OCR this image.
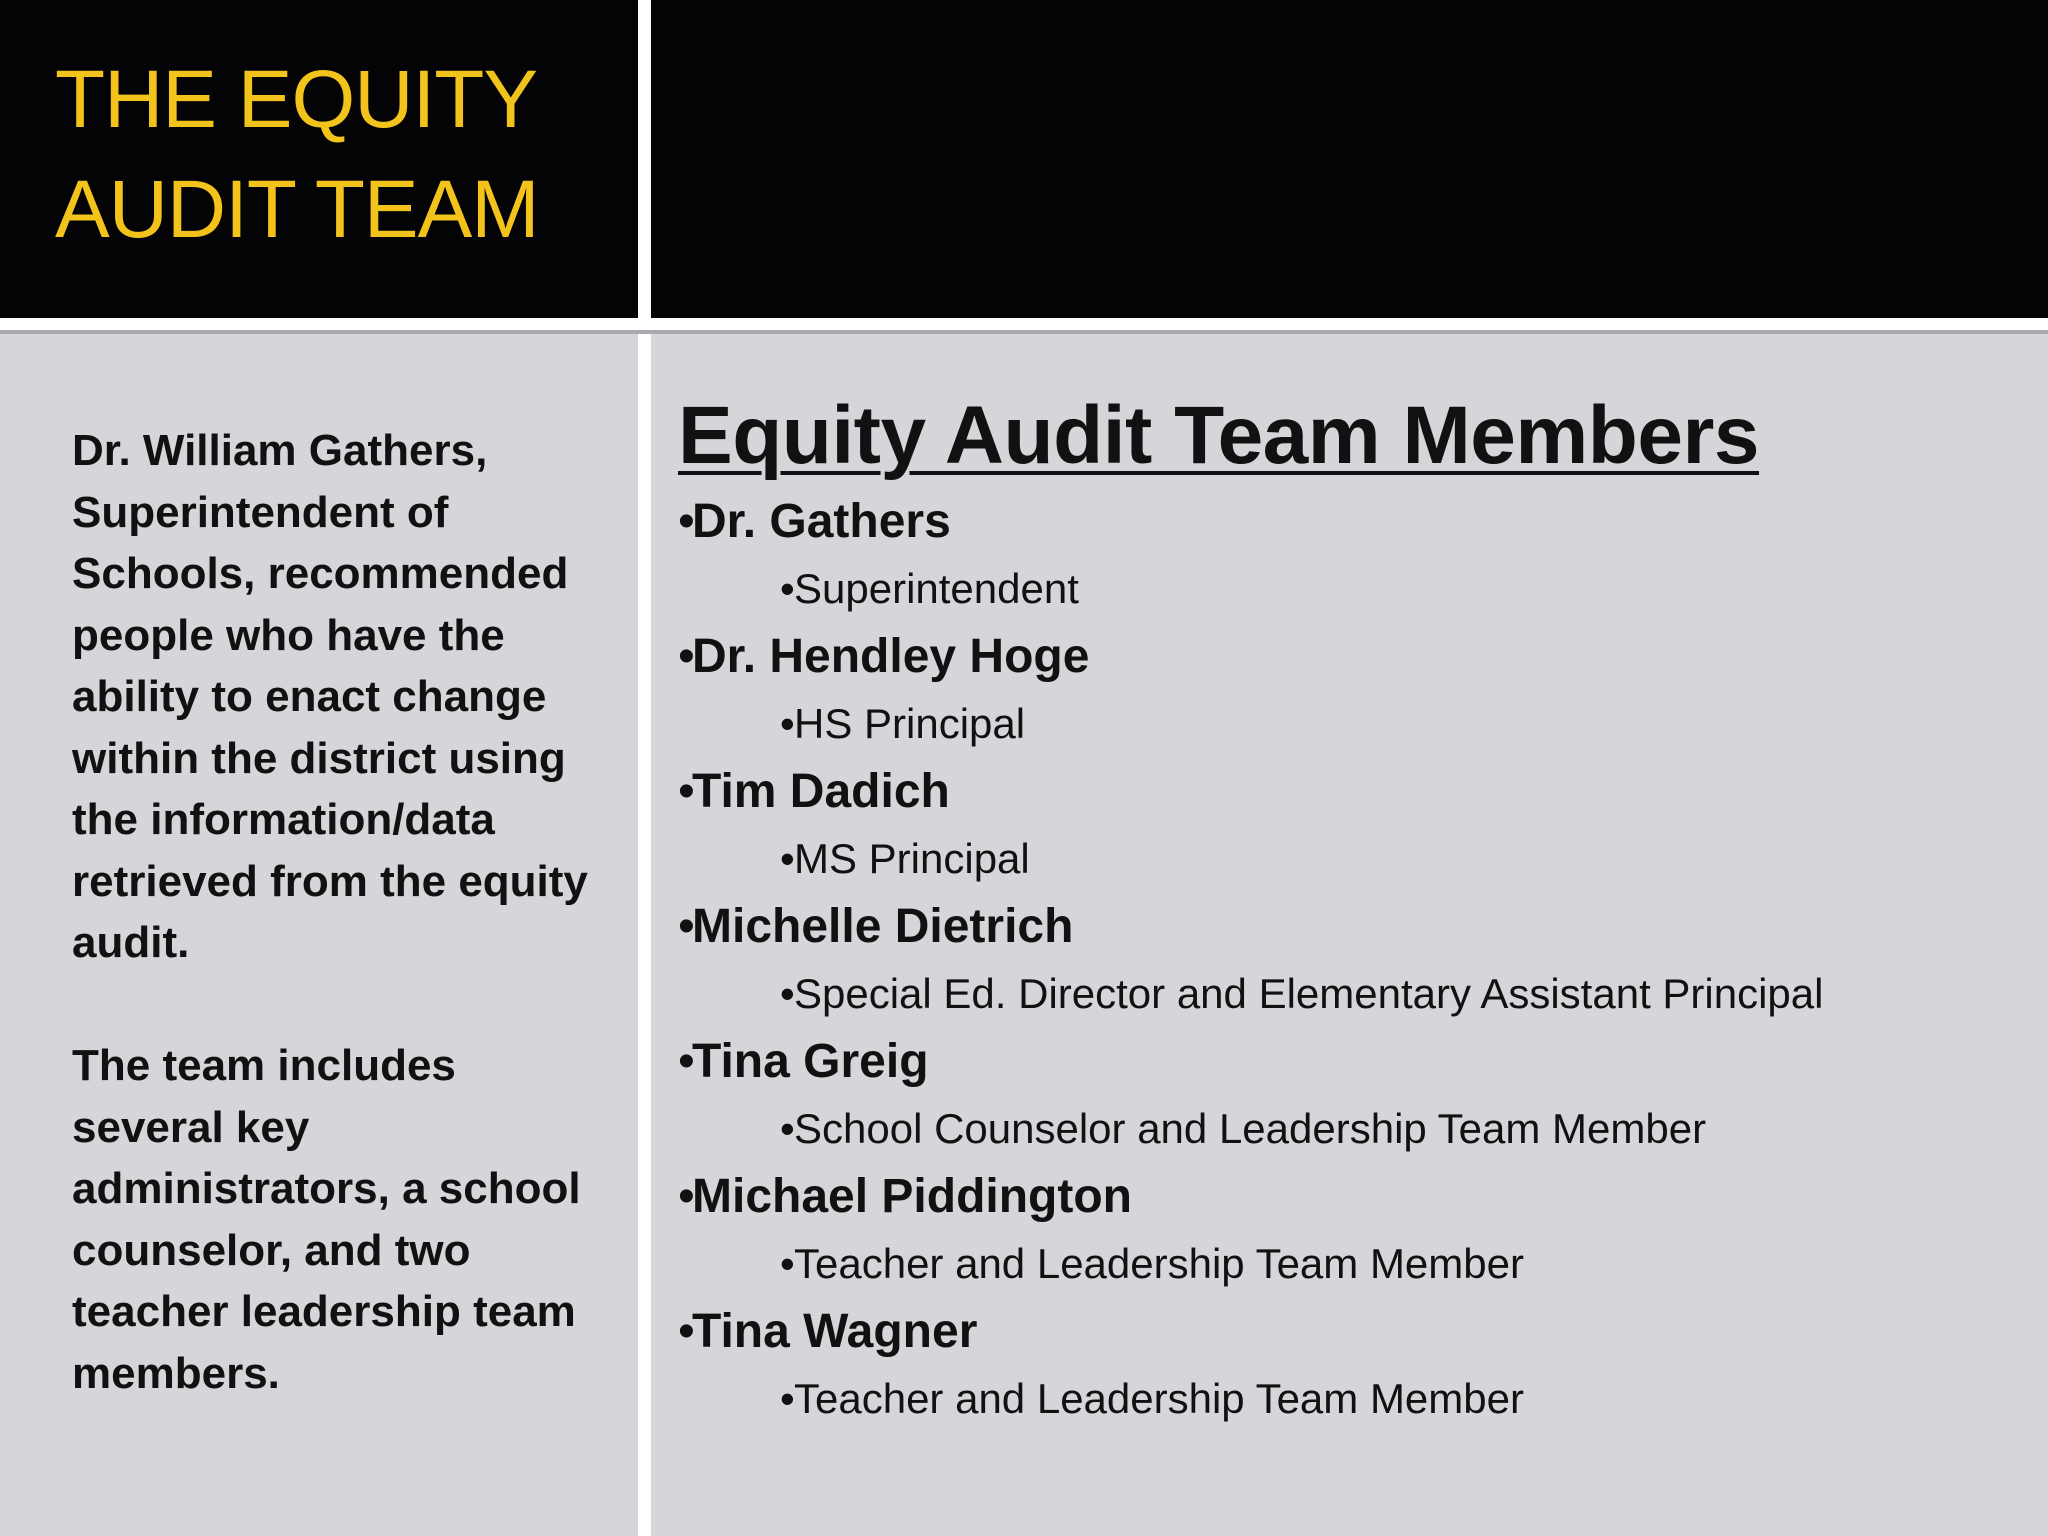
THE EQUITY
AUDIT TEAM

Dr. William Gathers, Superintendent of Schools, recommended people who have the ability to enact change within the district using the information/data retrieved from the equity audit.

The team includes several key administrators, a school counselor, and two teacher leadership team members.

Equity Audit Team Members
•Dr. Gathers
•Superintendent
•Dr. Hendley Hoge
•HS Principal
•Tim Dadich
•MS Principal
•Michelle Dietrich
•Special Ed. Director and Elementary Assistant Principal
•Tina Greig
•School Counselor and Leadership Team Member
•Michael Piddington
•Teacher and Leadership Team Member
•Tina Wagner
•Teacher and Leadership Team Member
